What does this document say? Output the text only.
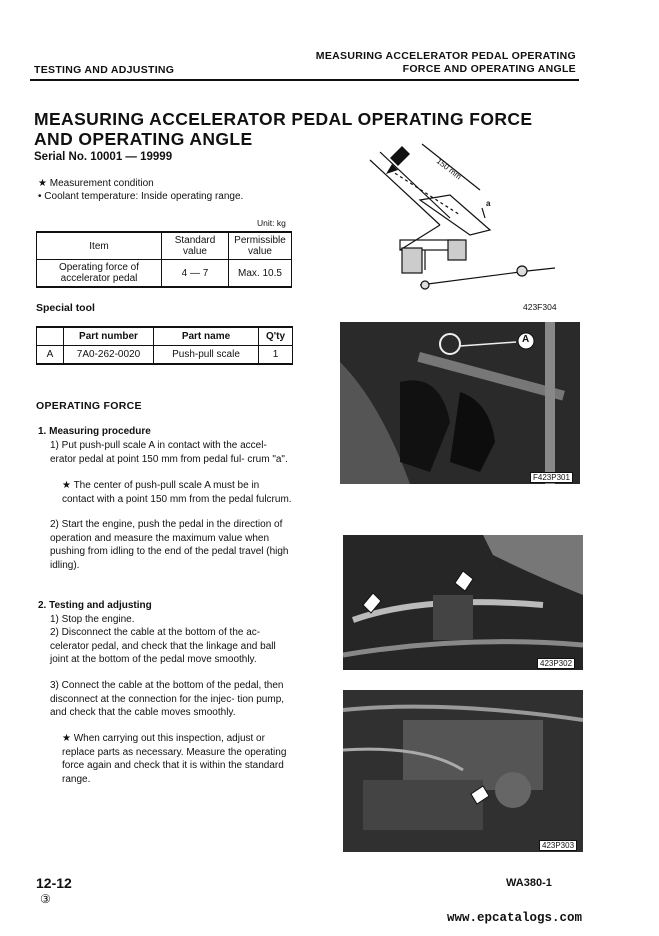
TESTING AND ADJUSTING
MEASURING ACCELERATOR PEDAL OPERATING
FORCE AND OPERATING ANGLE
MEASURING ACCELERATOR PEDAL OPERATING FORCE
AND OPERATING ANGLE
Serial No. 10001 — 19999
★ Measurement condition
• Coolant temperature: Inside operating range.
Unit: kg
Item	Standard value	Permissible value
Operating force of accelerator pedal	4 — 7	Max. 10.5
Special tool
	Part number	Part name	Q'ty
A	7A0-262-0020	Push-pull scale	1
OPERATING FORCE
1. Measuring procedure
1) Put push-pull scale A in contact with the accel- erator pedal at point 150 mm from pedal ful- crum "a".
★ The center of push-pull scale A must be in contact with a point 150 mm from the pedal fulcrum.
2) Start the engine, push the pedal in the direction of operation and measure the maximum value when pushing from idling to the end of the pedal travel (high idling).
2. Testing and adjusting
1) Stop the engine.
2) Disconnect the cable at the bottom of the ac- celerator pedal, and check that the linkage and ball joint at the bottom of the pedal move smoothly.
3) Connect the cable at the bottom of the pedal, then disconnect at the connection for the injec- tion pump, and check that the cable moves smoothly.
★ When carrying out this inspection, adjust or replace parts as necessary. Measure the operating force again and check that it is within the standard range.
150 mm
a
423F304
A
F423P301
423P302
423P303
12-12
③
WA380-1
www.epcatalogs.com
